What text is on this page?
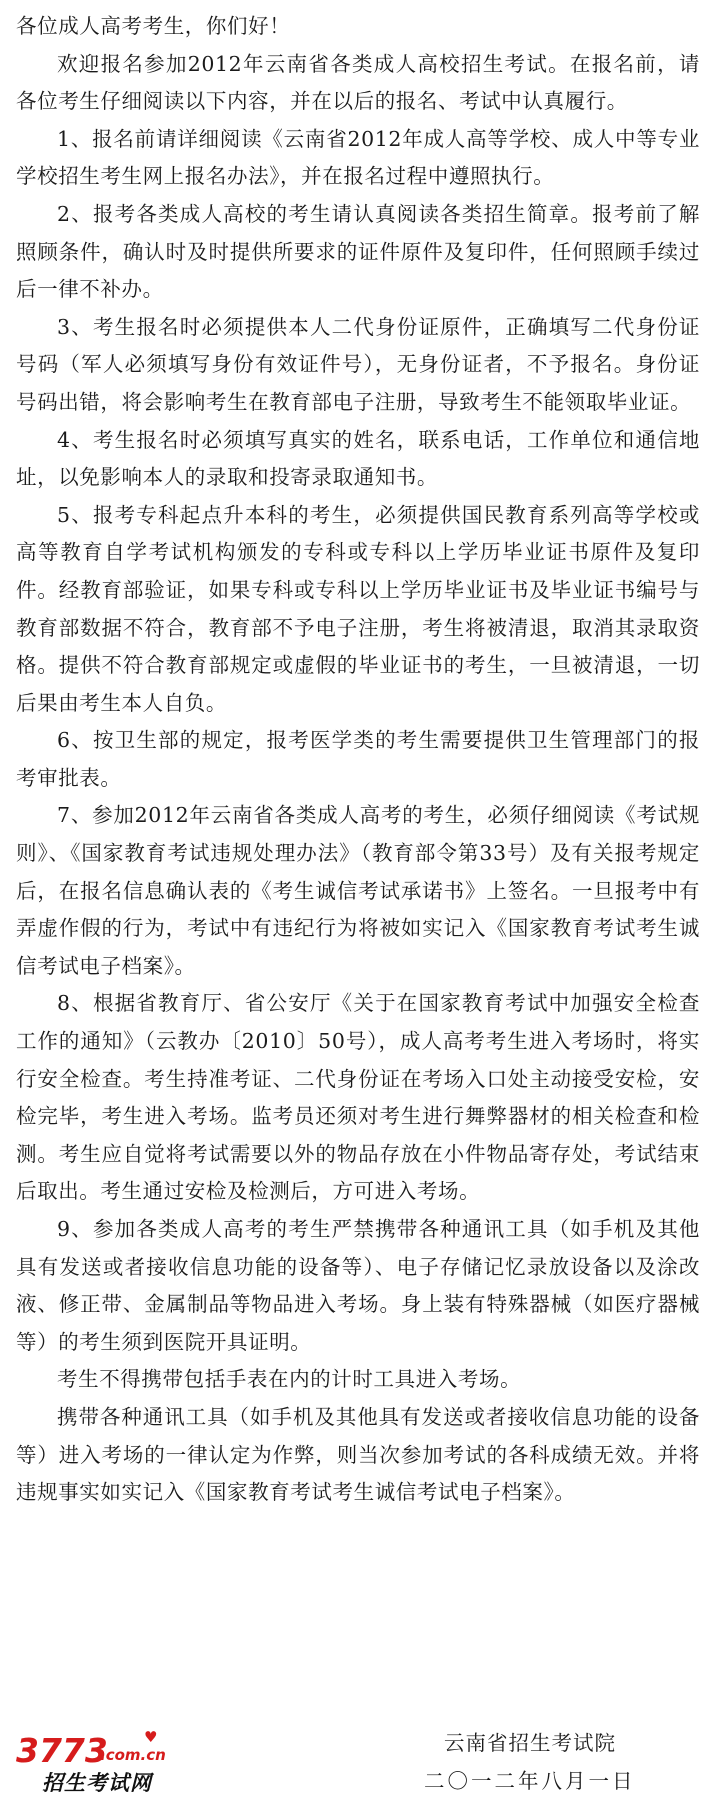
各位成人高考考生，你们好！

欢迎报名参加2012年云南省各类成人高校招生考试。在报名前，请各位考生仔细阅读以下内容，并在以后的报名、考试中认真履行。

1、报名前请详细阅读《云南省2012年成人高等学校、成人中等专业学校招生考生网上报名办法》，并在报名过程中遵照执行。

2、报考各类成人高校的考生请认真阅读各类招生简章。报考前了解照顾条件，确认时及时提供所要求的证件原件及复印件，任何照顾手续过后一律不补办。

3、考生报名时必须提供本人二代身份证原件，正确填写二代身份证号码（军人必须填写身份有效证件号），无身份证者，不予报名。身份证号码出错，将会影响考生在教育部电子注册，导致考生不能领取毕业证。

4、考生报名时必须填写真实的姓名，联系电话，工作单位和通信地址，以免影响本人的录取和投寄录取通知书。

5、报考专科起点升本科的考生，必须提供国民教育系列高等学校或高等教育自学考试机构颁发的专科或专科以上学历毕业证书原件及复印件。经教育部验证，如果专科或专科以上学历毕业证书及毕业证书编号与教育部数据不符合，教育部不予电子注册，考生将被清退，取消其录取资格。提供不符合教育部规定或虚假的毕业证书的考生，一旦被清退，一切后果由考生本人自负。

6、按卫生部的规定，报考医学类的考生需要提供卫生管理部门的报考审批表。

7、参加2012年云南省各类成人高考的考生，必须仔细阅读《考试规则》、《国家教育考试违规处理办法》（教育部令第33号）及有关报考规定后，在报名信息确认表的《考生诚信考试承诺书》上签名。一旦报考中有弄虚作假的行为，考试中有违纪行为将被如实记入《国家教育考试考生诚信考试电子档案》。

8、根据省教育厅、省公安厅《关于在国家教育考试中加强安全检查工作的通知》（云教办〔2010〕50号），成人高考考生进入考场时，将实行安全检查。考生持准考证、二代身份证在考场入口处主动接受安检，安检完毕，考生进入考场。监考员还须对考生进行舞弊器材的相关检查和检测。考生应自觉将考试需要以外的物品存放在小件物品寄存处，考试结束后取出。考生通过安检及检测后，方可进入考场。

9、参加各类成人高考的考生严禁携带各种通讯工具（如手机及其他具有发送或者接收信息功能的设备等）、电子存储记忆录放设备以及涂改液、修正带、金属制品等物品进入考场。身上装有特殊器械（如医疗器械等）的考生须到医院开具证明。

考生不得携带包括手表在内的计时工具进入考场。

携带各种通讯工具（如手机及其他具有发送或者接收信息功能的设备等）进入考场的一律认定为作弊，则当次参加考试的各科成绩无效。并将违规事实如实记入《国家教育考试考生诚信考试电子档案》。

3773 ♥
.com.cn
招生考试网
云南省招生考试院
二〇一二年八月一日
